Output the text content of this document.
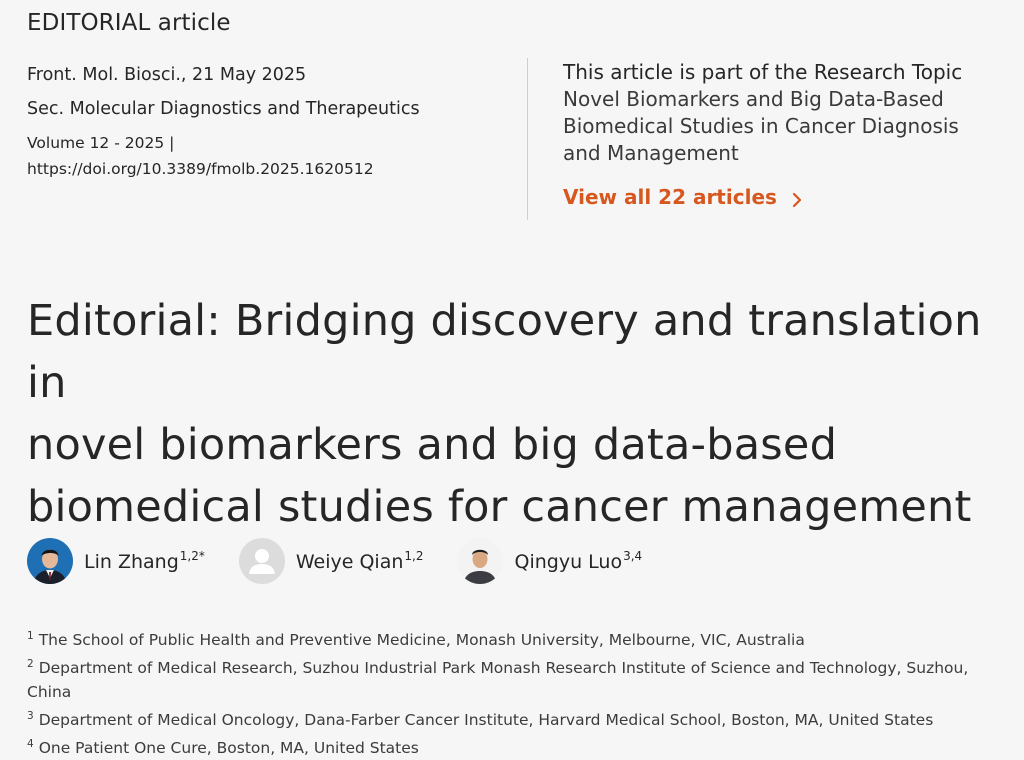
EDITORIAL article
Front. Mol. Biosci., 21 May 2025
Sec. Molecular Diagnostics and Therapeutics
Volume 12 - 2025 |
https://doi.org/10.3389/fmolb.2025.1620512
This article is part of the Research Topic
Novel Biomarkers and Big Data-Based
Biomedical Studies in Cancer Diagnosis
and Management
View all 22 articles
Editorial: Bridging discovery and translation in
novel biomarkers and big data-based
biomedical studies for cancer management
Lin Zhang$^{1,2*}$	Weiye Qian$^{1,2}$	Qingyu Luo$^{3,4}$
$^1$ The School of Public Health and Preventive Medicine, Monash University, Melbourne, VIC, Australia
$^2$ Department of Medical Research, Suzhou Industrial Park Monash Research Institute of Science and Technology, Suzhou, China
$^3$ Department of Medical Oncology, Dana-Farber Cancer Institute, Harvard Medical School, Boston, MA, United States
$^4$ One Patient One Cure, Boston, MA, United States
